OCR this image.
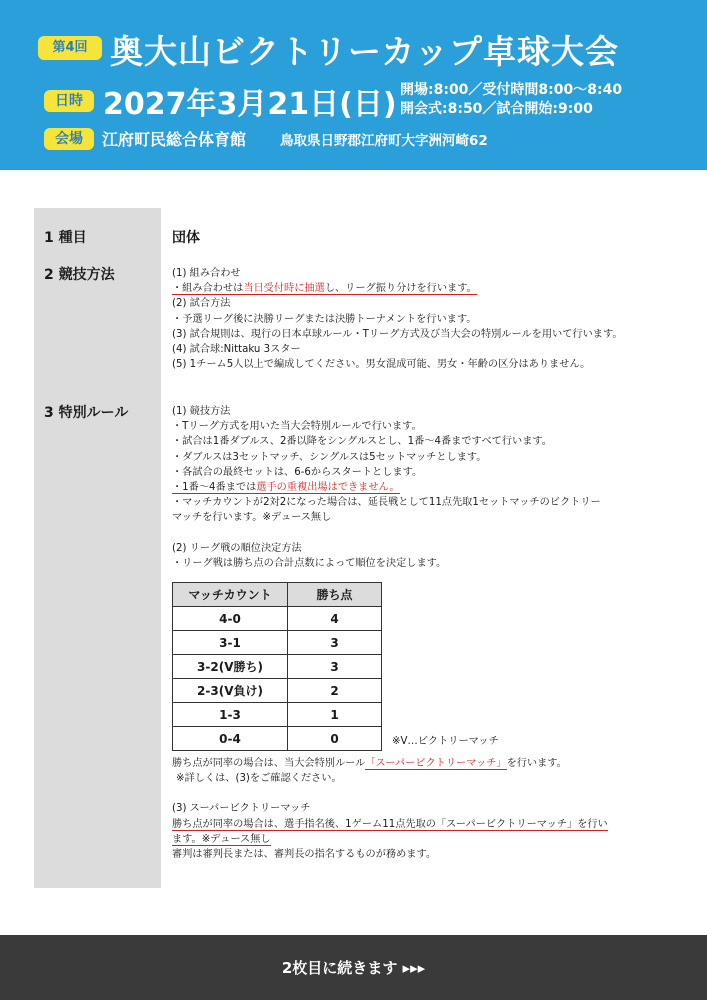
第4回 奥大山ビクトリーカップ卓球大会
日時 2027年3月21日(日) 開場:8:00／受付時間8:00～8:40
開会式:8:50／試合開始:9:00
会場	江府町民総合体育館	鳥取県日野郡江府町大字洲河崎62
1 種目	団体
2 競技方法	(1) 組み合わせ
・組み合わせは当日受付時に抽選し、リーグ振り分けを行います。
(2) 試合方法
・予選リーグ後に決勝リーグまたは決勝トーナメントを行います。
(3) 試合規則は、現行の日本卓球ルール・Tリーグ方式及び当大会の特別ルールを用いて行います。
(4) 試合球:Nittaku 3スター
(5) 1チーム5人以上で編成してください。男女混成可能、男女・年齢の区分はありません。
3 特別ルール	(1) 競技方法
・Tリーグ方式を用いた当大会特別ルールで行います。
・試合は1番ダブルス、2番以降をシングルスとし、1番～4番まですべて行います。
・ダブルスは3セットマッチ、シングルスは5セットマッチとします。
・各試合の最終セットは、6-6からスタートとします。
・1番～4番までは選手の重複出場はできません。
・マッチカウントが2対2になった場合は、延長戦として11点先取1セットマッチのビクトリー
マッチを行います。※デュース無し
(2) リーグ戦の順位決定方法
・リーグ戦は勝ち点の合計点数によって順位を決定します。
マッチカウント	勝ち点
4-0	4
3-1	3
3-2(V勝ち)	3
2-3(V負け)	2
1-3	1
0-4	0	※V…ビクトリーマッチ
勝ち点が同率の場合は、当大会特別ルール「スーパービクトリーマッチ」を行います。
※詳しくは、(3)をご確認ください。
(3) スーパービクトリーマッチ
勝ち点が同率の場合は、選手指名後、1ゲーム11点先取の「スーパービクトリーマッチ」を行い
ます。※デュース無し
審判は審判長または、審判長の指名するものが務めます。
2枚目に続きます ▸▸▸
